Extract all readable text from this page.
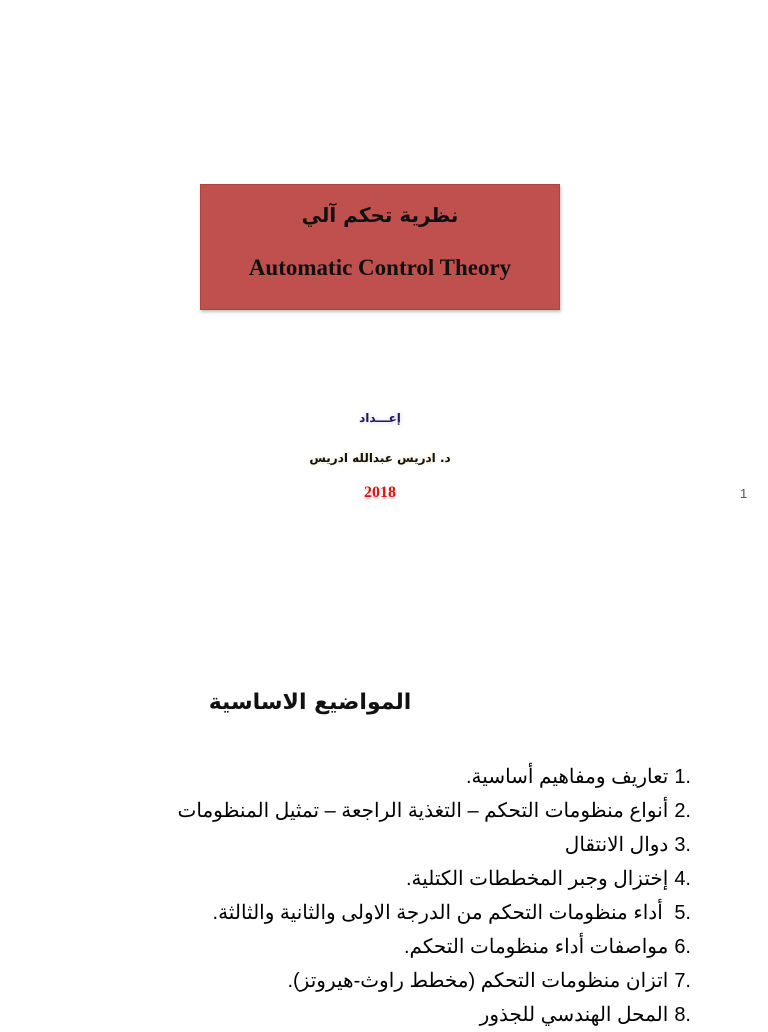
نظرية تحكم آلي
Automatic Control Theory
إعـــداد
د. ادريس عبدالله ادريس
2018	1
المواضيع الاساسية
1.تعاريف ومفاهيم أساسية.
2.أنواع منظومات التحكم – التغذية الراجعة – تمثيل المنظومات
3.دوال الانتقال
4.إختزال وجبر المخططات الكتلية.
5. أداء منظومات التحكم من الدرجة الاولى والثانية والثالثة.
6.مواصفات أداء منظومات التحكم.
7.اتزان منظومات التحكم (مخطط راوث-هيروتز).
8.المحل الهندسي للجذور
